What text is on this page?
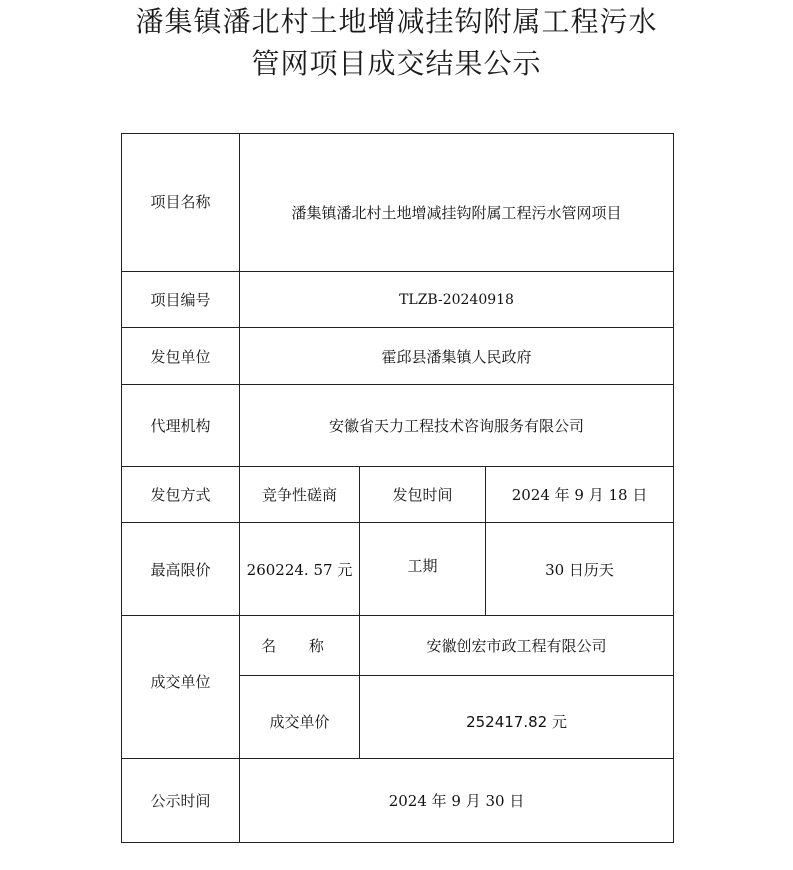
潘集镇潘北村土地增减挂钩附属工程污水
管网项目成交结果公示
项目名称	潘集镇潘北村土地增减挂钩附属工程污水管网项目		
项目编号	TLZB-20240918		
发包单位	霍邱县潘集镇人民政府		
代理机构	安徽省天力工程技术咨询服务有限公司		
发包方式	竞争性磋商	发包时间	2024 年 9 月 18 日
最高限价	260224. 57 元	工期	30 日历天
成交单位	名 称	安徽创宏市政工程有限公司	
	成交单价	252417.82 元	
公示时间	2024 年 9 月 30 日		
